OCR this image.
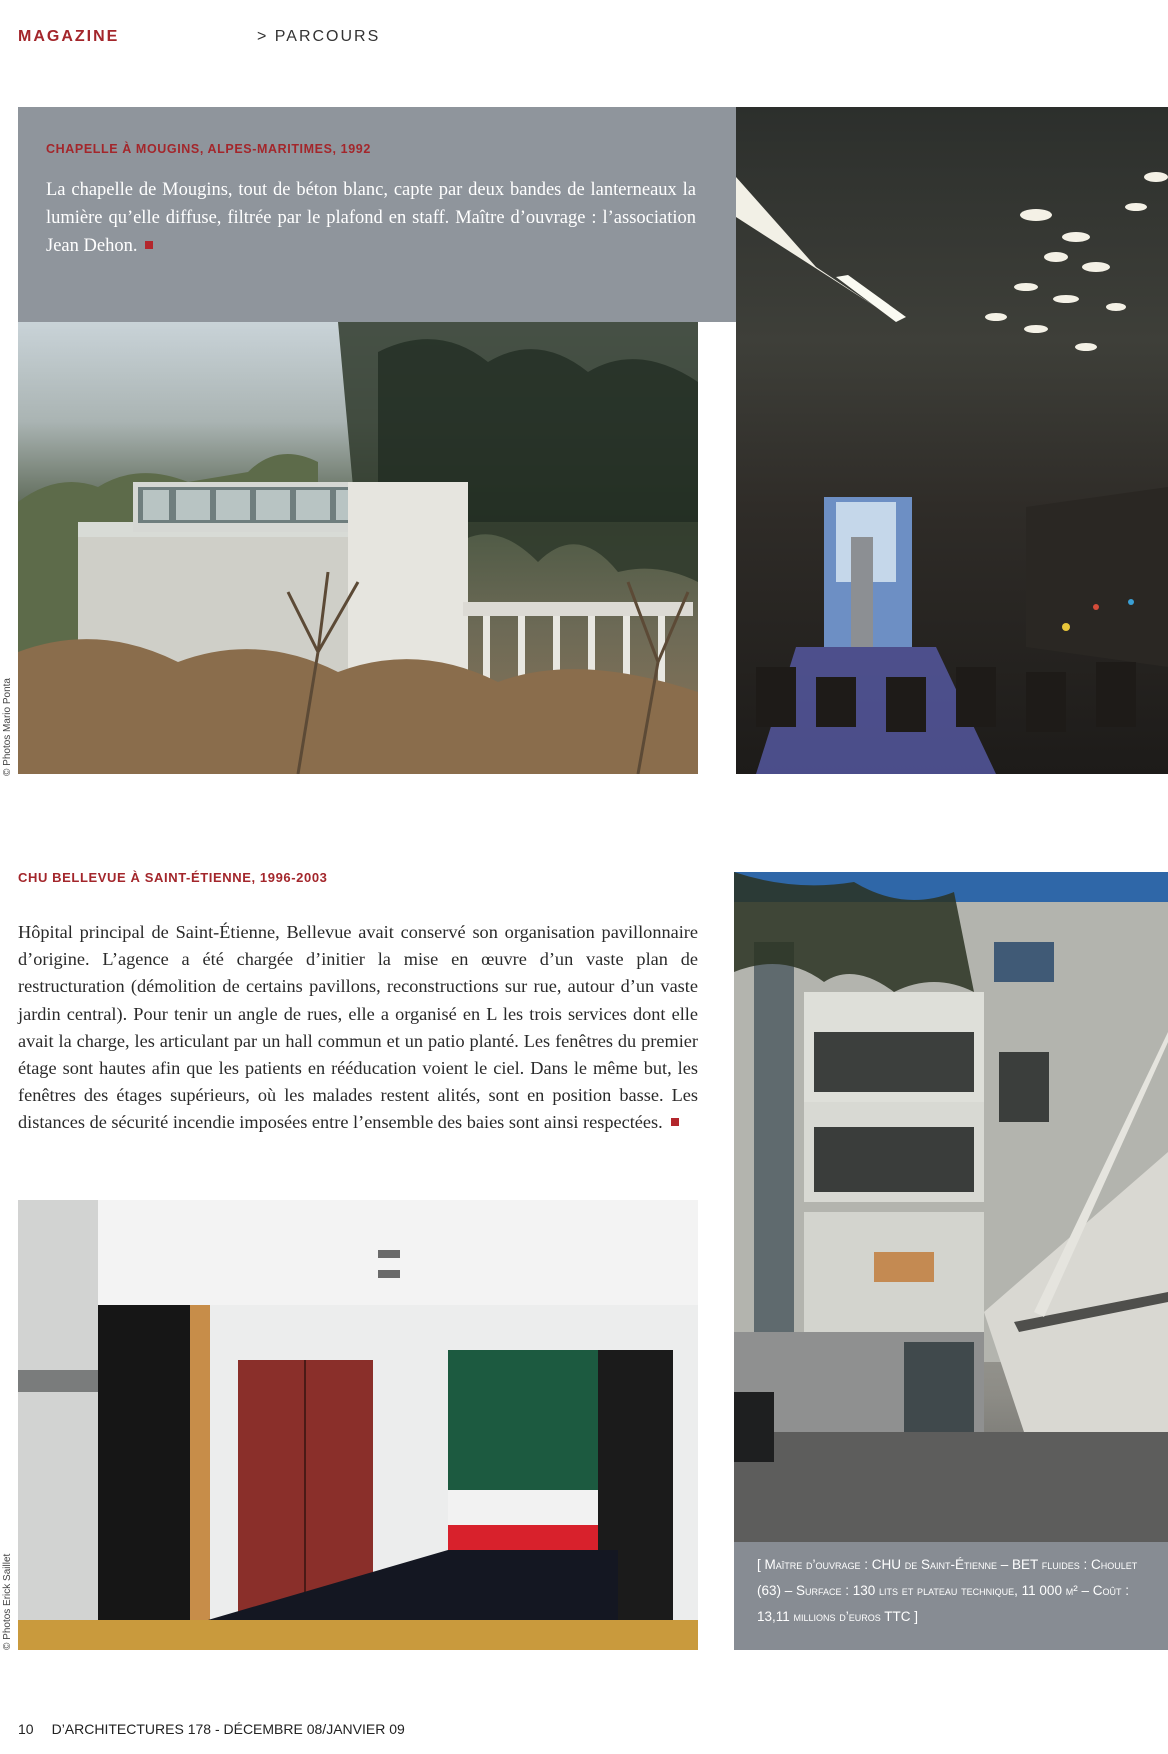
MAGAZINE	> PARCOURS
CHAPELLE À MOUGINS, ALPES-MARITIMES, 1992
La chapelle de Mougins, tout de béton blanc, capte par deux bandes de lanterneaux la lumière qu’elle diffuse, filtrée par le plafond en staff. Maître d’ouvrage : l’association Jean Dehon.
© Photos Mario Ponta
CHU BELLEVUE À SAINT-ÉTIENNE, 1996-2003
Hôpital principal de Saint-Étienne, Bellevue avait conservé son organisation pavillonnaire d’origine. L’agence a été chargée d’initier la mise en œuvre d’un vaste plan de restructuration (démolition de certains pavillons, reconstructions sur rue, autour d’un vaste jardin central). Pour tenir un angle de rues, elle a organisé en L les trois services dont elle avait la charge, les articulant par un hall commun et un patio planté. Les fenêtres du premier étage sont hautes afin que les patients en rééducation voient le ciel. Dans le même but, les fenêtres des étages supérieurs, où les malades restent alités, sont en position basse. Les distances de sécurité incendie imposées entre l’ensemble des baies sont ainsi respectées.
[ Maître d’ouvrage : CHU de Saint-Étienne – BET fluides : Choulet (63) – Surface : 130 lits et plateau technique, 11 000 m² – Coût : 13,11 millions d’euros TTC ]
© Photos Erick Saillet
10 D’ARCHITECTURES 178 - DÉCEMBRE 08/JANVIER 09
